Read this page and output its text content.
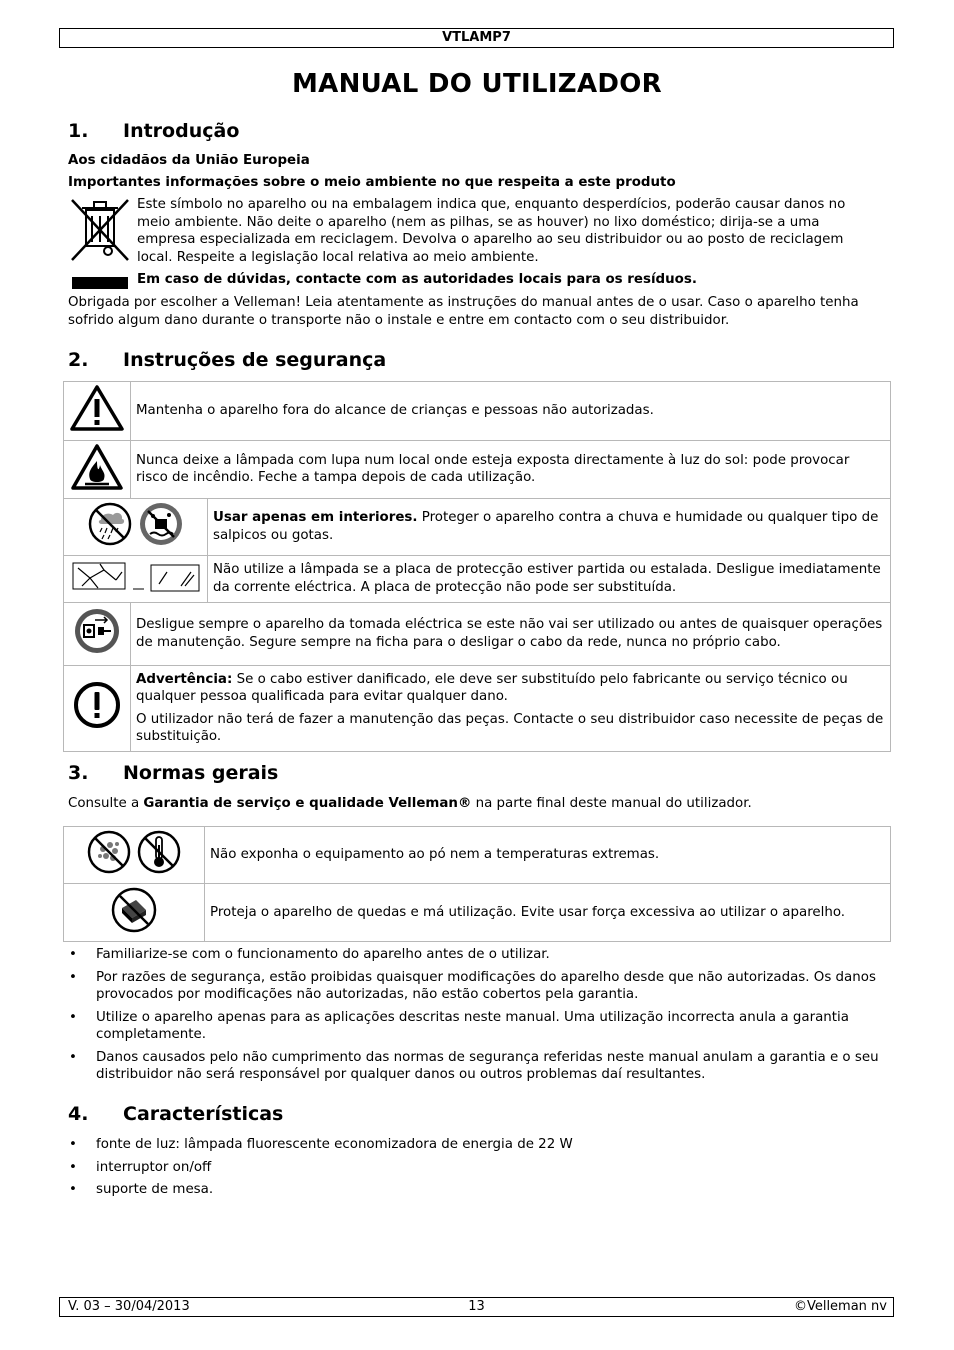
VTLAMP7
MANUAL DO UTILIZADOR
1. Introdução

Aos cidadãos da União Europeia

Importantes informações sobre o meio ambiente no que respeita a este produto

Este símbolo no aparelho ou na embalagem indica que, enquanto desperdícios, poderão causar danos no meio ambiente. Não deite o aparelho (nem as pilhas, se as houver) no lixo doméstico; dirija-se a uma empresa especializada em reciclagem. Devolva o aparelho ao seu distribuidor ou ao posto de reciclagem local. Respeite a legislação local relativa ao meio ambiente.

Em caso de dúvidas, contacte com as autoridades locais para os resíduos.

Obrigada por escolher a Velleman! Leia atentamente as instruções do manual antes de o usar. Caso o aparelho tenha sofrido algum dano durante o transporte não o instale e entre em contacto com o seu distribuidor.

2. Instruções de segurança
	Mantenha o aparelho fora do alcance de crianças e pessoas não autorizadas.	
	Nunca deixe a lâmpada com lupa num local onde esteja exposta directamente à luz do sol: pode provocar risco de incêndio. Feche a tampa depois de cada utilização.	
	Usar apenas em interiores. Proteger o aparelho contra a chuva e humidade ou qualquer tipo de salpicos ou gotas.
	Não utilize a lâmpada se a placa de protecção estiver partida ou estalada. Desligue imediatamente da corrente eléctrica. A placa de protecção não pode ser substituída.
	Desligue sempre o aparelho da tomada eléctrica se este não vai ser utilizado ou antes de quaisquer operações de manutenção. Segure sempre na ficha para o desligar o cabo da rede, nunca no próprio cabo.	

Advertência: Se o cabo estiver danificado, ele deve ser substituído pelo fabricante ou serviço técnico ou qualquer pessoa qualificada para evitar qualquer dano.
O utilizador não terá de fazer a manutenção das peças. Contacte o seu distribuidor caso necessite de peças de substituição.	
3. Normas gerais

Consulte a Garantia de serviço e qualidade Velleman® na parte final deste manual do utilizador.

	Não exponha o equipamento ao pó nem a temperaturas extremas.
	Proteja o aparelho de quedas e má utilização. Evite usar força excessiva ao utilizar o aparelho.
• Familiarize-se com o funcionamento do aparelho antes de o utilizar.
• Por razões de segurança, estão proibidas quaisquer modificações do aparelho desde que não autorizadas. Os danos provocados por modificações não autorizadas, não estão cobertos pela garantia.
• Utilize o aparelho apenas para as aplicações descritas neste manual. Uma utilização incorrecta anula a garantia completamente.
• Danos causados pelo não cumprimento das normas de segurança referidas neste manual anulam a garantia e o seu distribuidor não será responsável por qualquer danos ou outros problemas daí resultantes.
4. Características
• fonte de luz: lâmpada fluorescente economizadora de energia de 22 W
• interruptor on/off
• suporte de mesa.
V. 03 – 30/04/2013	13	©Velleman nv
